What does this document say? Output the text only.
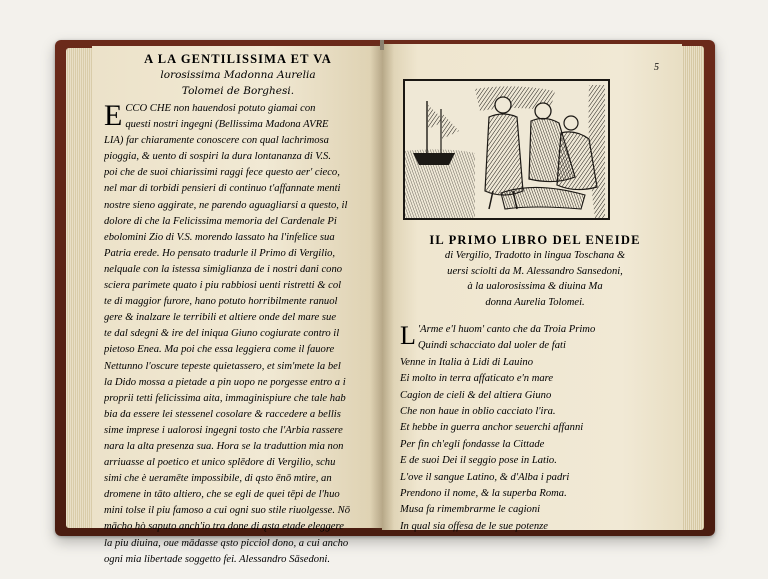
A LA GENTILISSIMA ET VA
lorosissima Madonna Aurelia
Tolomei de Borghesi.
E CCO CHE non hauendosi potuto giamai con
questi nostri ingegni (Bellissima Madona AVRE
LIA) far chiaramente conoscere con qual lachrimosa
pioggia, & uento di sospiri la dura lontananza di V.S.
poi che de suoi chiarissimi raggi fece questo aer' cieco,
nel mar di torbidi pensieri di continuo t'affannate menti
nostre sieno aggirate, ne parendo aguagliarsi a questo, il
dolore di che la Felicissima memoria del Cardenale Pi
ebolomini Zio di V.S. morendo lassato ha l'infelice sua
Patria erede. Ho pensato tradurle il Primo di Vergilio,
nelquale con la istessa simiglianza de i nostri dani cono
sciera parimete quato i piu rabbiosi uenti ristretti & col
te di maggior furore, hano potuto horribilmente ranuol
gere & inalzare le terribili et altiere onde del mare sue
te dal sdegni & ire del iniqua Giuno cogiurate contro il
pietoso Enea. Ma poi che essa leggiera come il fauore
Nettunno l'oscure tepeste quietassero, et sim'mete la bel
la Dido mossa a pietade a pin uopo ne porgesse entro a i
proprii tetti felicissima aita, immaginispiure che tale hab
bia da essere lei stessenel cosolare & raccedere a bellis
sime imprese i ualorosi ingegni tosto che l'Arbia rassere
nara la alta presenza sua. Hora se la traduttion mia non
arriuasse al poetico et unico splēdore di Vergilio, schu
simi che è ueramēte impossibile, di ąsto ēnō mtire, an
dromene in tāto altiero, che se egli de quei tēpi de l'huo
mini tolse il piu famoso a cui ogni suo stile riuolgesse. Nō
mācho hò saputo anch'io tra done di ąsta etade eleggere
la piu diuina, oue mādasse ąsto picciol dono, a cui ancho
ogni mia libertade soggetto fei. Alessandro Sāsedoni.
5
IL PRIMO LIBRO DEL ENEIDE
di Vergilio, Tradotto in lingua Toschana &
uersi sciolti da M. Alessandro Sansedoni,
à la ualorosissima & diuina Ma
donna Aurelia Tolomei.
L 'Arme e'l huom' canto che da Troia Primo
Quindi schacciato dal uoler de fati
Venne in Italia à Lidi di Lauino
Ei molto in terra affaticato e'n mare
Cagion de cieli & del altiera Giuno
Che non haue in oblio cacciato l'ira.
Et hebbe in guerra anchor seuerchi affanni
Per fin ch'egli fondasse la Cittade
E de suoi Dei il seggio pose in Latio.
L'ove il sangue Latino, & d'Alba i padri
Prendono il nome, & la superba Roma.
Musa fa rimembrarme le cagioni
In qual sia offesa de le sue potenze
